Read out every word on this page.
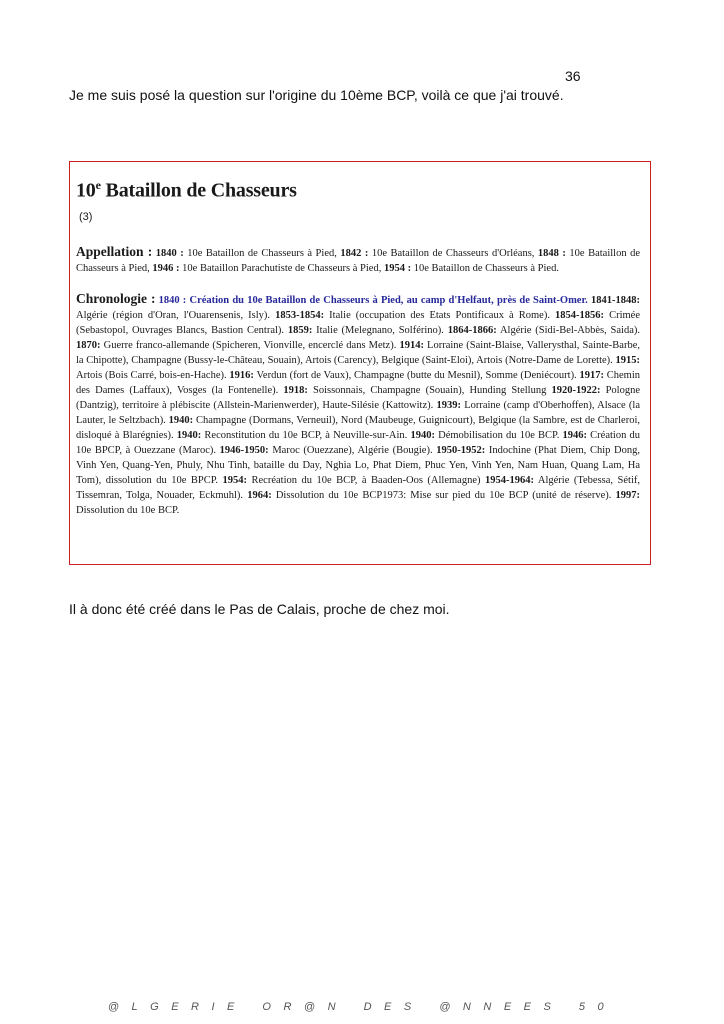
36
Je me suis posé la question sur l'origine du 10ème BCP, voilà ce que j'ai trouvé.
10e Bataillon de Chasseurs
(3)

Appellation : 1840 : 10e Bataillon de Chasseurs à Pied, 1842 : 10e Bataillon de Chasseurs d'Orléans, 1848 : 10e Bataillon de Chasseurs à Pied, 1946 : 10e Bataillon Parachutiste de Chasseurs à Pied, 1954 : 10e Bataillon de Chasseurs à Pied.

Chronologie : 1840 : Création du 10e Bataillon de Chasseurs à Pied, au camp d'Helfaut, près de Saint-Omer. 1841-1848: Algérie (région d'Oran, l'Ouarensenis, Isly). 1853-1854: Italie (occupation des Etats Pontificaux à Rome). 1854-1856: Crimée (Sebastopol, Ouvrages Blancs, Bastion Central). 1859: Italie (Melegnano, Solférino). 1864-1866: Algérie (Sidi-Bel-Abbès, Saida). 1870: Guerre franco-allemande (Spicheren, Vionville, encerclé dans Metz). 1914: Lorraine (Saint-Blaise, Vallerysthal, Sainte-Barbe, la Chipotte), Champagne (Bussy-le-Château, Souain), Artois (Carency), Belgique (Saint-Eloi), Artois (Notre-Dame de Lorette). 1915: Artois (Bois Carré, bois-en-Hache). 1916: Verdun (fort de Vaux), Champagne (butte du Mesnil), Somme (Deniécourt). 1917: Chemin des Dames (Laffaux), Vosges (la Fontenelle). 1918: Soissonnais, Champagne (Souain), Hunding Stellung 1920-1922: Pologne (Dantzig), territoire à plébiscite (Allstein-Marienwerder), Haute-Silésie (Kattowitz). 1939: Lorraine (camp d'Oberhoffen), Alsace (la Lauter, le Seltzbach). 1940: Champagne (Dormans, Verneuil), Nord (Maubeuge, Guignicourt), Belgique (la Sambre, est de Charleroi, disloqué à Blarégnies). 1940: Reconstitution du 10e BCP, à Neuville-sur-Ain. 1940: Démobilisation du 10e BCP. 1946: Création du 10e BPCP, à Ouezzane (Maroc). 1946-1950: Maroc (Ouezzane), Algérie (Bougie). 1950-1952: Indochine (Phat Diem, Chip Dong, Vinh Yen, Quang-Yen, Phuly, Nhu Tinh, bataille du Day, Nghia Lo, Phat Diem, Phuc Yen, Vinh Yen, Nam Huan, Quang Lam, Ha Tom), dissolution du 10e BPCP. 1954: Recréation du 10e BCP, à Baaden-Oos (Allemagne) 1954-1964: Algérie (Tebessa, Sétif, Tissemran, Tolga, Nouader, Eckmuhl). 1964: Dissolution du 10e BCP1973: Mise sur pied du 10e BCP (unité de réserve). 1997: Dissolution du 10e BCP.

Il à donc été créé dans le Pas de Calais, proche de chez moi.
@LGERIE OR@N DES @NNEES 50
